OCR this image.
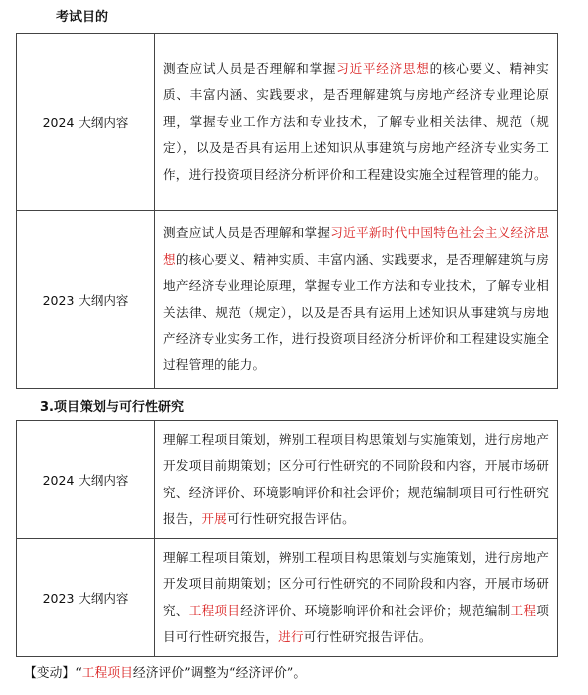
考试目的
2024 大纲内容	测查应试人员是否理解和掌握习近平经济思想的核心要义、精神实质、丰富内涵、实践要求，是否理解建筑与房地产经济专业理论原理，掌握专业工作方法和专业技术，了解专业相关法律、规范（规定），以及是否具有运用上述知识从事建筑与房地产经济专业实务工作，进行投资项目经济分析评价和工程建设实施全过程管理的能力。
2023 大纲内容	测查应试人员是否理解和掌握习近平新时代中国特色社会主义经济思想的核心要义、精神实质、丰富内涵、实践要求，是否理解建筑与房地产经济专业理论原理，掌握专业工作方法和专业技术，了解专业相关法律、规范（规定），以及是否具有运用上述知识从事建筑与房地产经济专业实务工作，进行投资项目经济分析评价和工程建设实施全过程管理的能力。
3.项目策划与可行性研究
2024 大纲内容	理解工程项目策划，辨别工程项目构思策划与实施策划，进行房地产开发项目前期策划；区分可行性研究的不同阶段和内容，开展市场研究、经济评价、环境影响评价和社会评价；规范编制项目可行性研究报告，开展可行性研究报告评估。
2023 大纲内容	理解工程项目策划，辨别工程项目构思策划与实施策划，进行房地产开发项目前期策划；区分可行性研究的不同阶段和内容，开展市场研究、工程项目经济评价、环境影响评价和社会评价；规范编制工程项目可行性研究报告，进行可行性研究报告评估。
【变动】“工程项目经济评价”调整为“经济评价”。
